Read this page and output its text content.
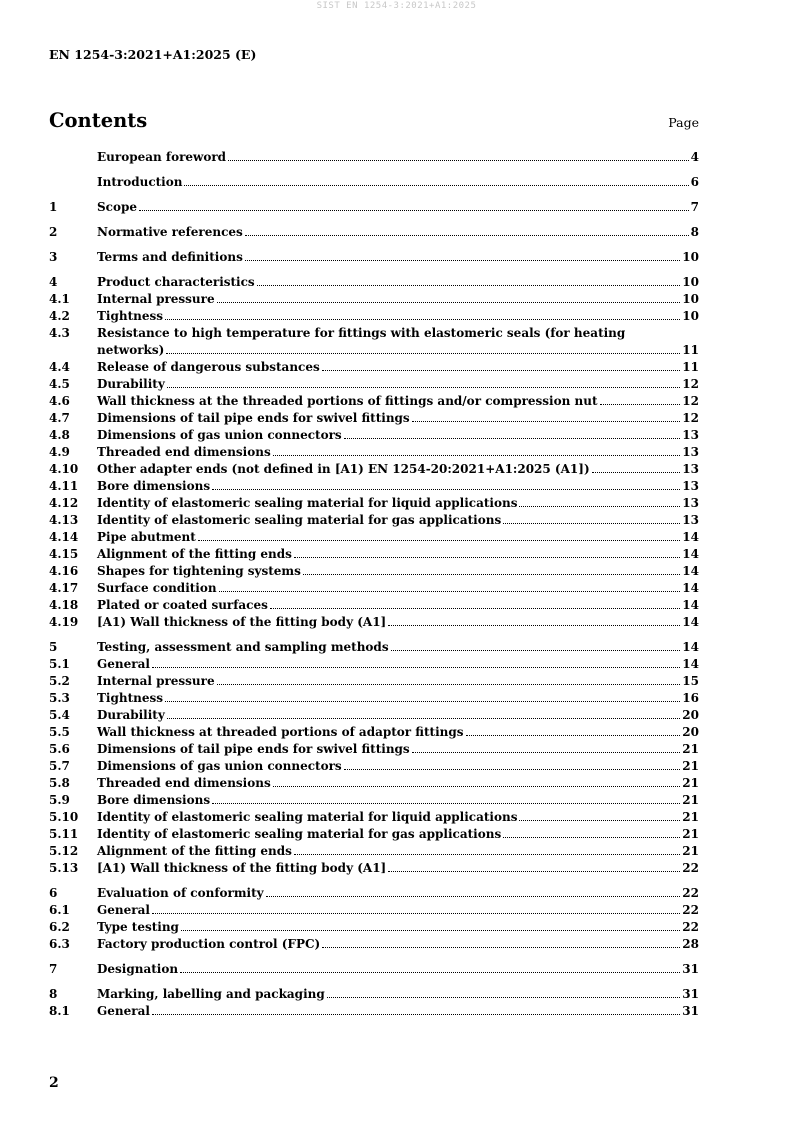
SIST EN 1254-3:2021+A1:2025
EN 1254-3:2021+A1:2025 (E)
Contents	Page
European foreword	4
Introduction	6
1	Scope	7
2	Normative references	8
3	Terms and definitions	10
4	Product characteristics	10
4.1	Internal pressure	10
4.2	Tightness	10
4.3	Resistance to high temperature for fittings with elastomeric seals (for heating
networks)	11
4.4	Release of dangerous substances	11
4.5	Durability	12
4.6	Wall thickness at the threaded portions of fittings and/or compression nut	12
4.7	Dimensions of tail pipe ends for swivel fittings	12
4.8	Dimensions of gas union connectors	13
4.9	Threaded end dimensions	13
4.10	Other adapter ends (not defined in [A1) EN 1254-20:2021+A1:2025 (A1])	13
4.11	Bore dimensions	13
4.12	Identity of elastomeric sealing material for liquid applications	13
4.13	Identity of elastomeric sealing material for gas applications	13
4.14	Pipe abutment	14
4.15	Alignment of the fitting ends	14
4.16	Shapes for tightening systems	14
4.17	Surface condition	14
4.18	Plated or coated surfaces	14
4.19	[A1) Wall thickness of the fitting body (A1]	14
5	Testing, assessment and sampling methods	14
5.1	General	14
5.2	Internal pressure	15
5.3	Tightness	16
5.4	Durability	20
5.5	Wall thickness at threaded portions of adaptor fittings	20
5.6	Dimensions of tail pipe ends for swivel fittings	21
5.7	Dimensions of gas union connectors	21
5.8	Threaded end dimensions	21
5.9	Bore dimensions	21
5.10	Identity of elastomeric sealing material for liquid applications	21
5.11	Identity of elastomeric sealing material for gas applications	21
5.12	Alignment of the fitting ends	21
5.13	[A1) Wall thickness of the fitting body (A1]	22
6	Evaluation of conformity	22
6.1	General	22
6.2	Type testing	22
6.3	Factory production control (FPC)	28
7	Designation	31
8	Marking, labelling and packaging	31
8.1	General	31
2
